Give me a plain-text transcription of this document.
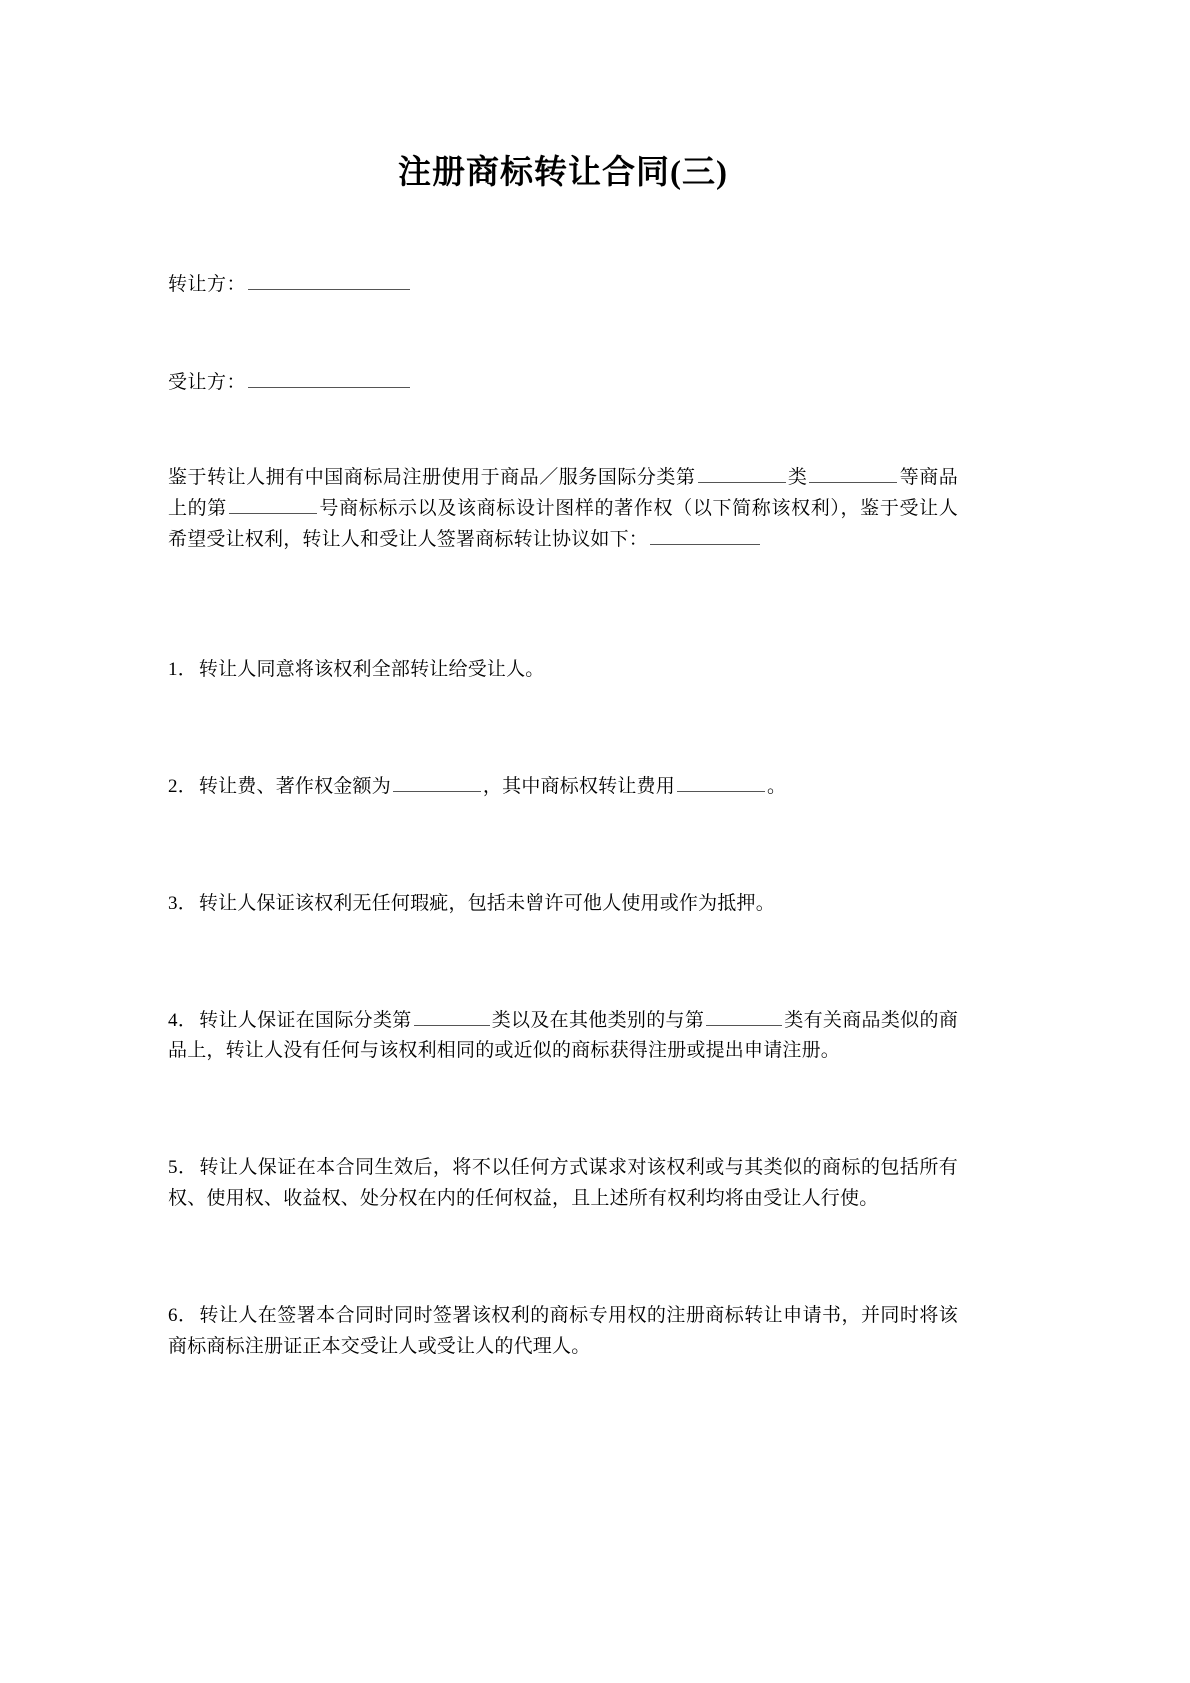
注册商标转让合同(三)
转让方：
受让方：

鉴于转让人拥有中国商标局注册使用于商品／服务国际分类第	类	等商品上的第	号商标标示以及该商标设计图样的著作权（以下简称该权利），鉴于受让人希望受让权利，转让人和受让人签署商标转让协议如下：

1． 转让人同意将该权利全部转让给受让人。
2． 转让费、著作权金额为	，其中商标权转让费用	。
3． 转让人保证该权利无任何瑕疵，包括未曾许可他人使用或作为抵押。
4． 转让人保证在国际分类第	类以及在其他类别的与第	类有关商品类似的商品上，转让人没有任何与该权利相同的或近似的商标获得注册或提出申请注册。
5． 转让人保证在本合同生效后，将不以任何方式谋求对该权利或与其类似的商标的包括所有权、使用权、收益权、处分权在内的任何权益，且上述所有权利均将由受让人行使。
6． 转让人在签署本合同时同时签署该权利的商标专用权的注册商标转让申请书，并同时将该商标商标注册证正本交受让人或受让人的代理人。
